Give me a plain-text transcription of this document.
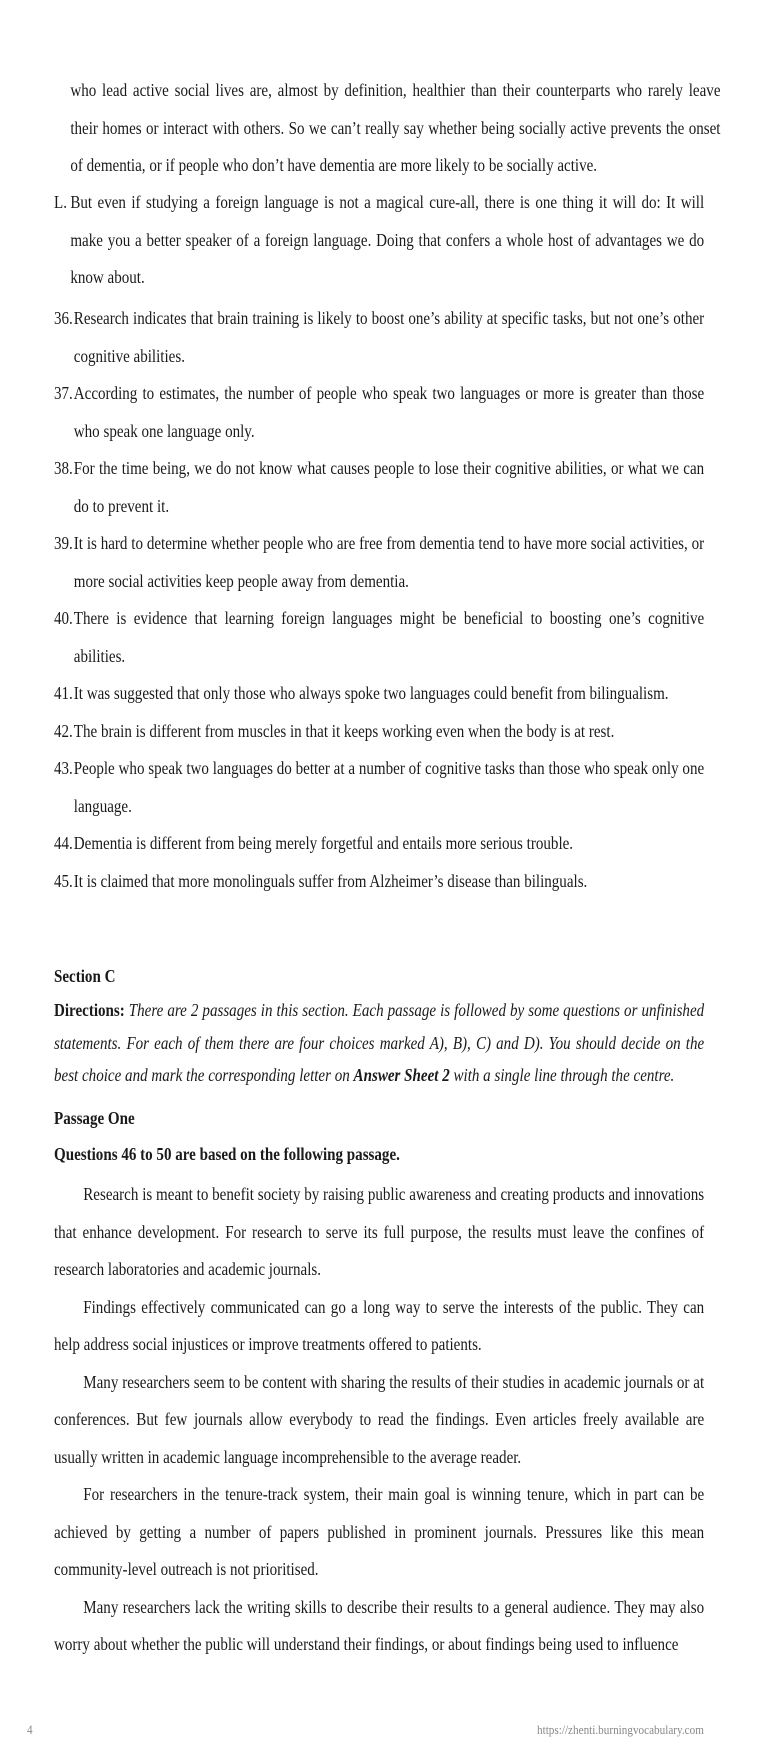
who lead active social lives are, almost by definition, healthier than their counterparts who rarely leave their homes or interact with others. So we can’t really say whether being socially active prevents the onset of dementia, or if people who don’t have dementia are more likely to be socially active.

L. But even if studying a foreign language is not a magical cure-all, there is one thing it will do: It will make you a better speaker of a foreign language. Doing that confers a whole host of advantages we do know about.
36. Research indicates that brain training is likely to boost one’s ability at specific tasks, but not one’s other cognitive abilities.
37. According to estimates, the number of people who speak two languages or more is greater than those who speak one language only.
38. For the time being, we do not know what causes people to lose their cognitive abilities, or what we can do to prevent it.
39. It is hard to determine whether people who are free from dementia tend to have more social activities, or more social activities keep people away from dementia.
40. There is evidence that learning foreign languages might be beneficial to boosting one’s cognitive abilities.
41. It was suggested that only those who always spoke two languages could benefit from bilingualism.
42. The brain is different from muscles in that it keeps working even when the body is at rest.
43. People who speak two languages do better at a number of cognitive tasks than those who speak only one language.
44. Dementia is different from being merely forgetful and entails more serious trouble.
45. It is claimed that more monolinguals suffer from Alzheimer’s disease than bilinguals.

Section C

Directions: There are 2 passages in this section. Each passage is followed by some questions or unfinished statements. For each of them there are four choices marked A), B), C) and D). You should decide on the best choice and mark the corresponding letter on Answer Sheet 2 with a single line through the centre.

Passage One

Questions 46 to 50 are based on the following passage.

Research is meant to benefit society by raising public awareness and creating products and innovations that enhance development. For research to serve its full purpose, the results must leave the confines of research laboratories and academic journals.

Findings effectively communicated can go a long way to serve the interests of the public. They can help address social injustices or improve treatments offered to patients.

Many researchers seem to be content with sharing the results of their studies in academic journals or at conferences. But few journals allow everybody to read the findings. Even articles freely available are usually written in academic language incomprehensible to the average reader.

For researchers in the tenure-track system, their main goal is winning tenure, which in part can be achieved by getting a number of papers published in prominent journals. Pressures like this mean community-level outreach is not prioritised.

Many researchers lack the writing skills to describe their results to a general audience. They may also worry about whether the public will understand their findings, or about findings being used to influence

4	https://zhenti.burningvocabulary.com
